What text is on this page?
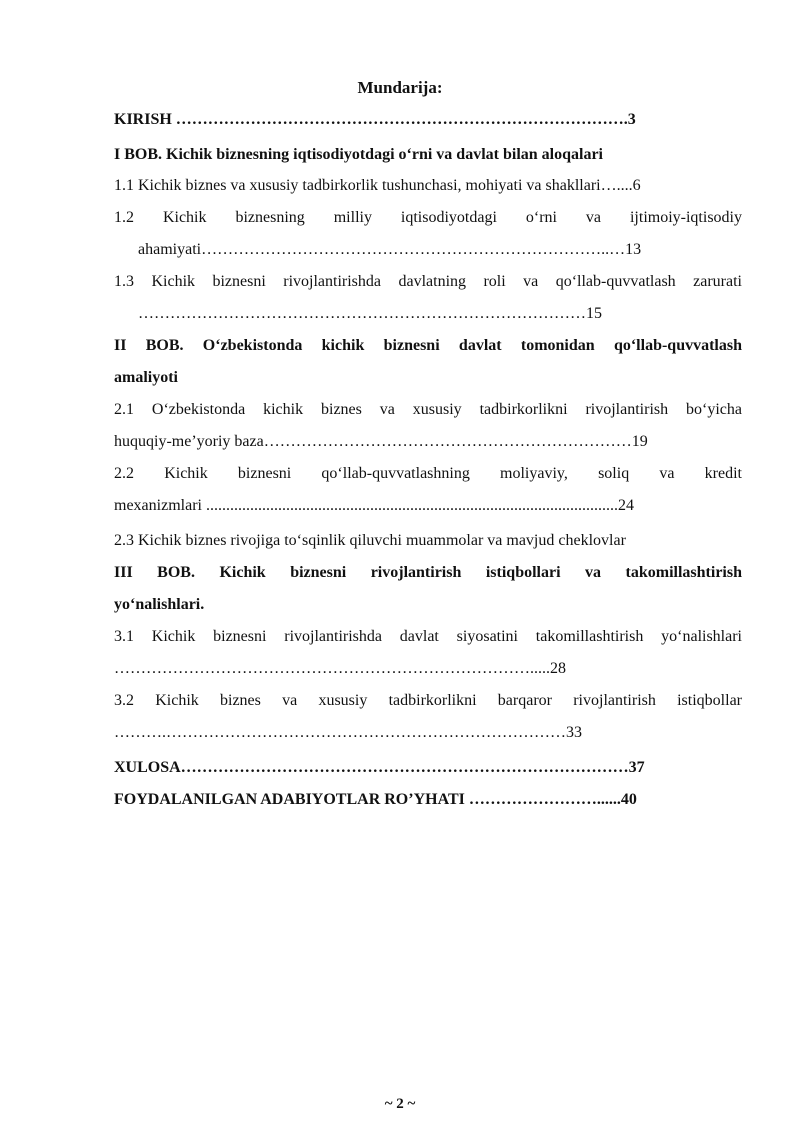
Mundarija:
KIRISH ………………………………………………………………………….3
I BOB. Kichik biznesning iqtisodiyotdagi o‘rni va davlat bilan aloqalari
1.1 Kichik biznes va xususiy tadbirkorlik tushunchasi, mohiyati va shakllari…....6
1.2 Kichik biznesning milliy iqtisodiyotdagi o‘rni va ijtimoiy-iqtisodiy
ahamiyati…………………………………………………………………..…13
1.3 Kichik biznesni rivojlantirishda davlatning roli va qo‘llab-quvvatlash zarurati
…………………………………………………………………………15
II BOB. O‘zbekistonda kichik biznesni davlat tomonidan qo‘llab-quvvatlash
amaliyoti
2.1 O‘zbekistonda kichik biznes va xususiy tadbirkorlikni rivojlantirish bo‘yicha
huquqiy-me’yoriy baza……………………………………………………………19
2.2 Kichik biznesni qo‘llab-quvvatlashning moliyaviy, soliq va kredit
mexanizmlari .......................................................................................................24
2.3 Kichik biznes rivojiga to‘sqinlik qiluvchi muammolar va mavjud cheklovlar
III BOB. Kichik biznesni rivojlantirish istiqbollari va takomillashtirish
yo‘nalishlari.
3.1 Kichik biznesni rivojlantirishda davlat siyosatini takomillashtirish yo‘nalishlari
…………………………………………………………………….....28
3.2 Kichik biznes va xususiy tadbirkorlikni barqaror rivojlantirish istiqbollar
……….…………………………………………………………………33
XULOSA…………………………………………………………………………37
FOYDALANILGAN ADABIYOTLAR RO’YHATI ……………………......40
~ 2 ~
